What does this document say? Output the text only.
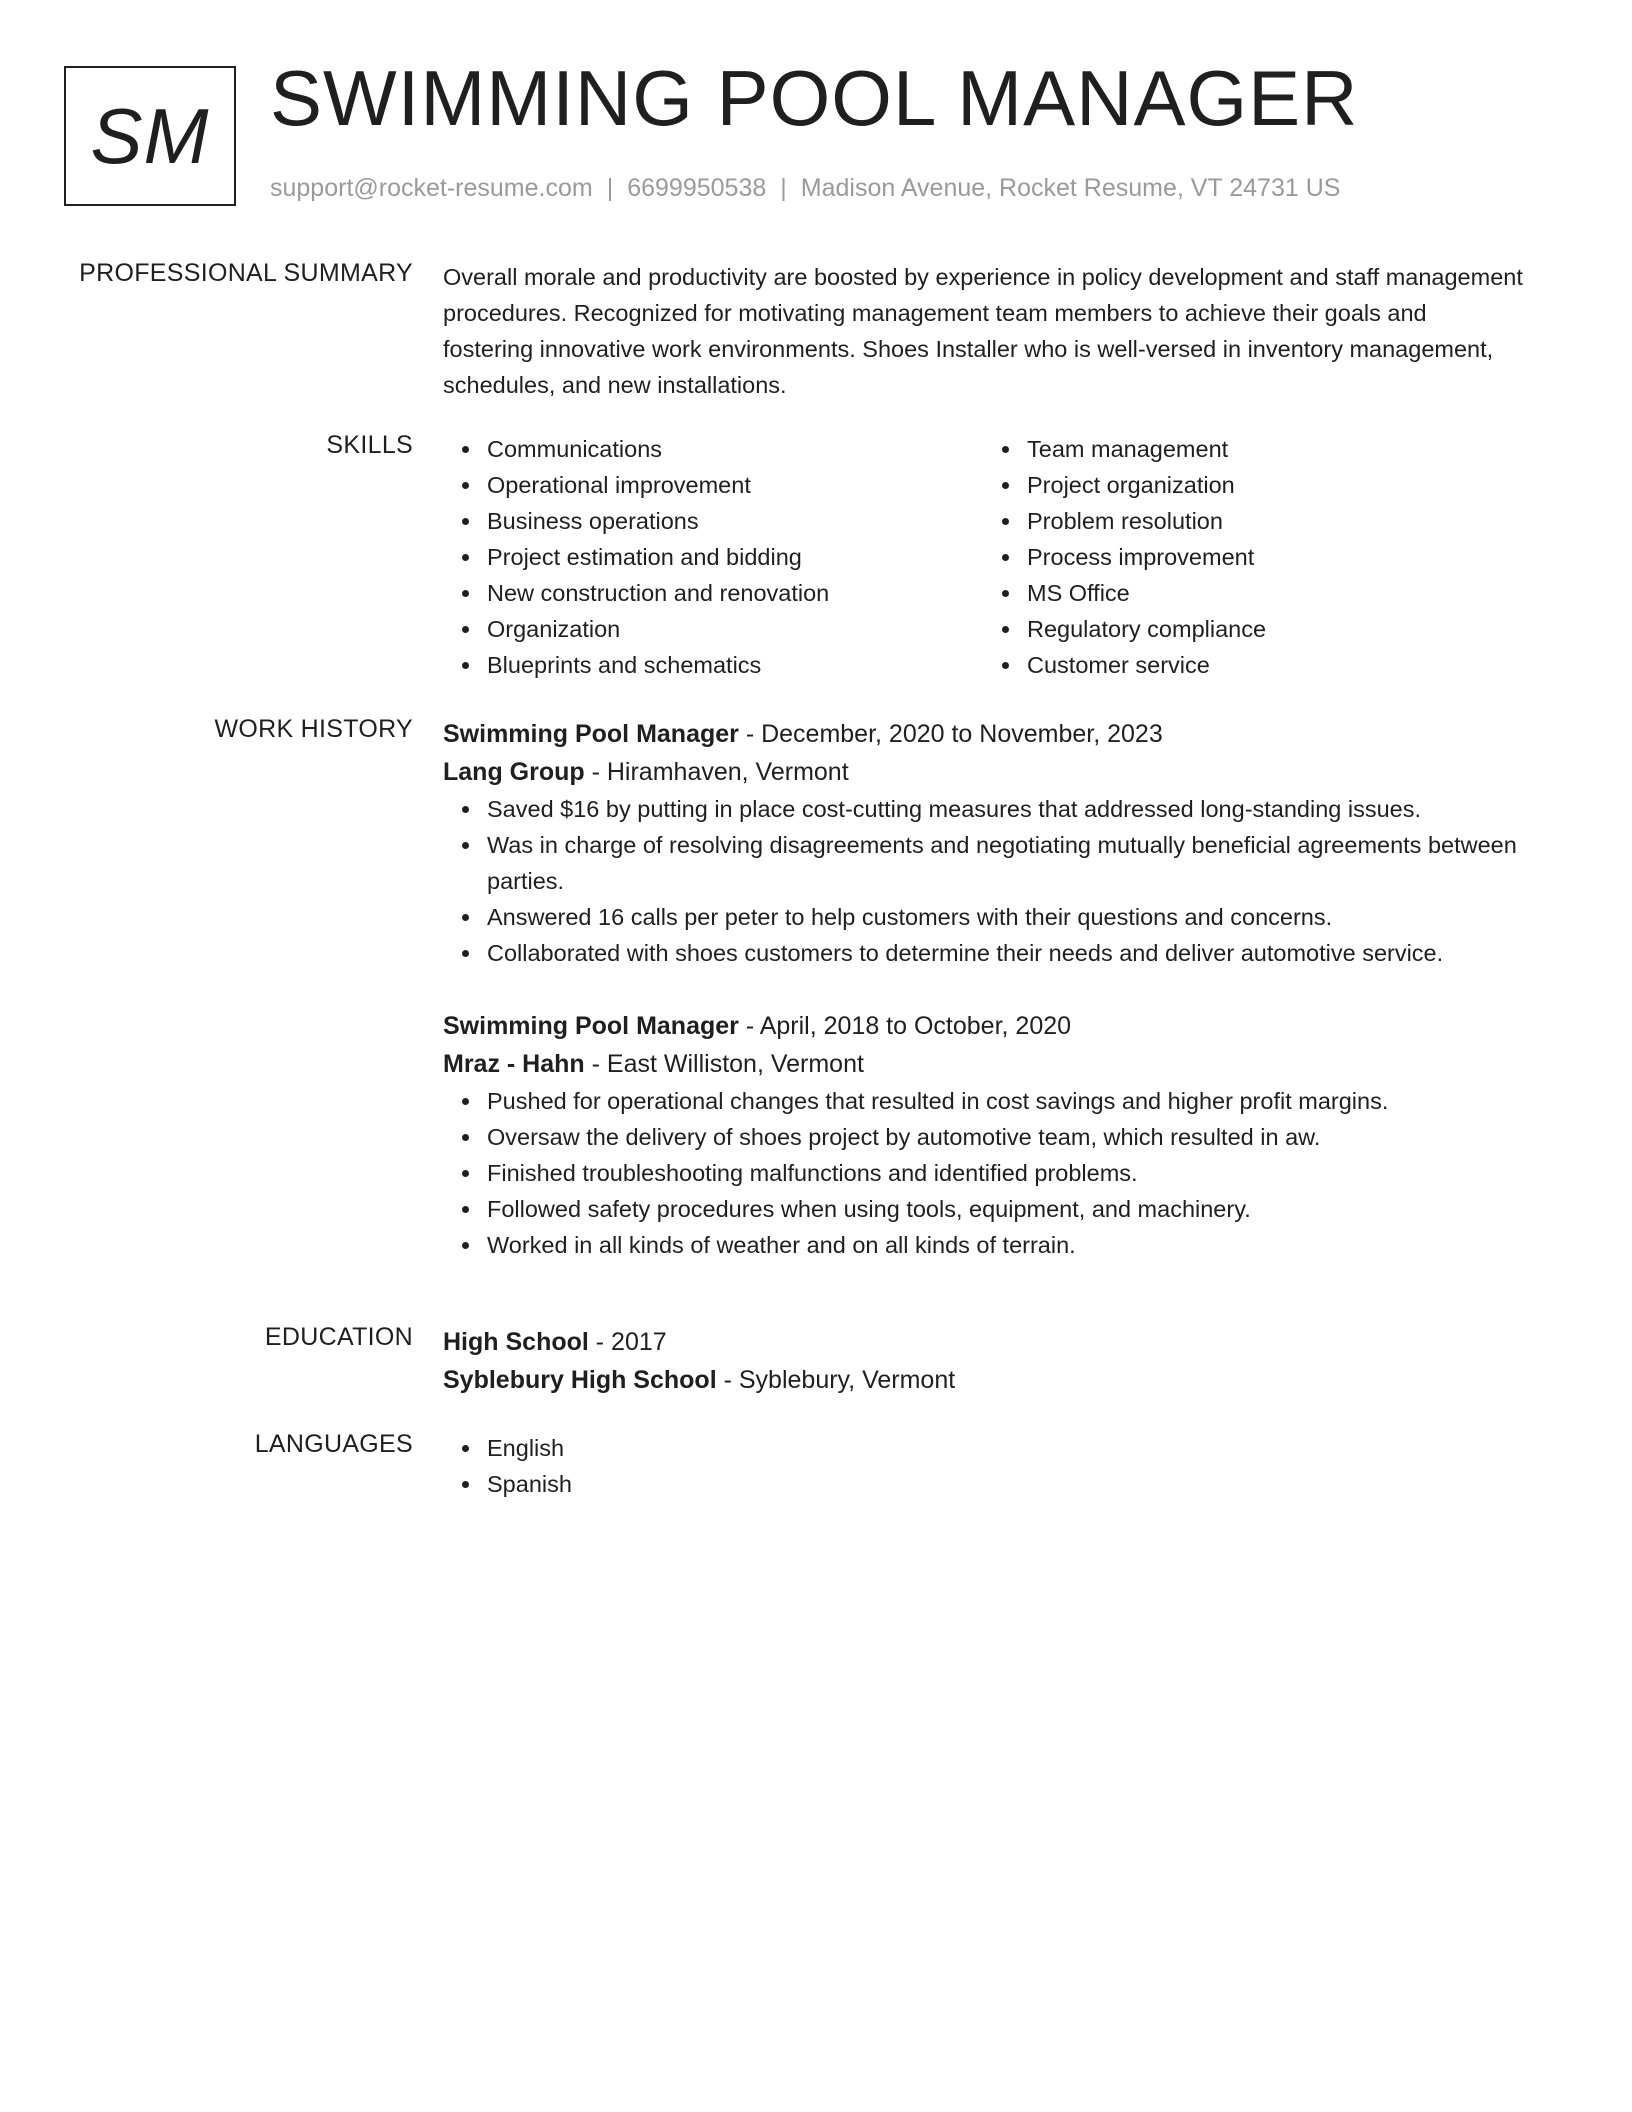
SM SWIMMING POOL MANAGER
support@rocket-resume.com | 6699950538 | Madison Avenue, Rocket Resume, VT 24731 US
PROFESSIONAL SUMMARY Overall morale and productivity are boosted by experience in policy development and staff management procedures. Recognized for motivating management team members to achieve their goals and fostering innovative work environments. Shoes Installer who is well-versed in inventory management, schedules, and new installations.

SKILLS	Communications
Operational improvement
Business operations
Project estimation and bidding
New construction and renovation
Organization
Blueprints and schematics
Team management
Project organization
Problem resolution
Process improvement
MS Office
Regulatory compliance
Customer service
WORK HISTORY Swimming Pool Manager - December, 2020 to November, 2023
Lang Group - Hiramhaven, Vermont
Saved $16 by putting in place cost-cutting measures that addressed long-standing issues.
Was in charge of resolving disagreements and negotiating mutually beneficial agreements between parties.
Answered 16 calls per peter to help customers with their questions and concerns.
Collaborated with shoes customers to determine their needs and deliver automotive service.
Swimming Pool Manager - April, 2018 to October, 2020
Mraz - Hahn - East Williston, Vermont
Pushed for operational changes that resulted in cost savings and higher profit margins.
Oversaw the delivery of shoes project by automotive team, which resulted in aw.
Finished troubleshooting malfunctions and identified problems.
Followed safety procedures when using tools, equipment, and machinery.
Worked in all kinds of weather and on all kinds of terrain.
EDUCATION High School - 2017
Syblebury High School - Syblebury, Vermont
LANGUAGES	English
Spanish
